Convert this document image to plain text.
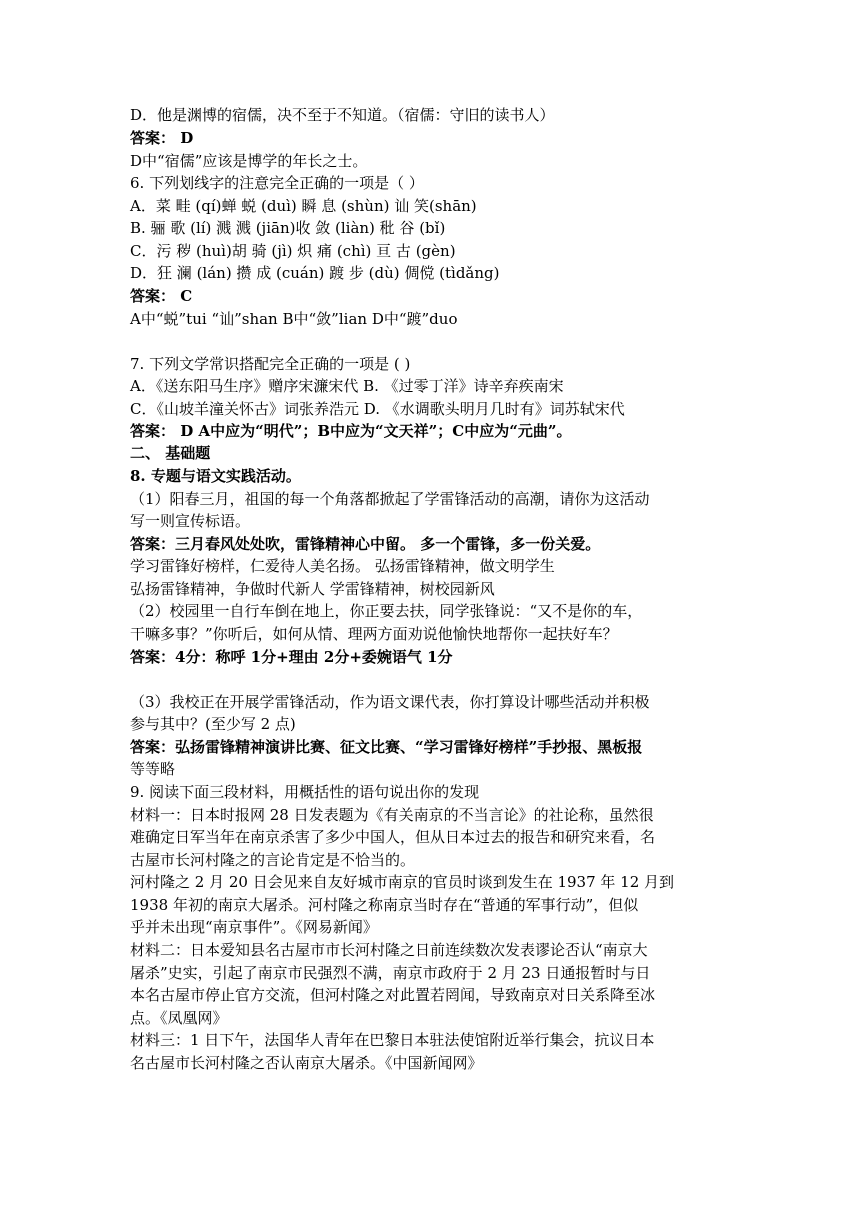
D．他是渊博的宿儒，决不至于不知道。（宿儒：守旧的读书人）
答案： D
D中“宿儒”应该是博学的年长之士。
6. 下列划线字的注意完全正确的一项是（ ）
A．菜 畦 (qí)蝉 蜕 (duì) 瞬 息 (shùn) 讪 笑(shān)
B. 骊 歌 (lí) 溅 溅 (jiān)收 敛 (liàn) 秕 谷 (bǐ)
C．污 秽 (huì)胡 骑 (jì) 炽 痛 (chì) 亘 古 (gèn)
D．狂 澜 (lán) 攒 成 (cuán) 踱 步 (dù) 倜傥 (tìdǎng)
答案： C
A中“蜕”tui “讪”shan B中“敛”lian D中“踱”duo
7. 下列文学常识搭配完全正确的一项是 ( )
A．《送东阳马生序》赠序宋濂宋代 B. 《过零丁洋》诗辛弃疾南宋
C．《山坡羊潼关怀古》词张养浩元 D. 《水调歌头明月几时有》词苏轼宋代
答案： D A中应为“明代”；B中应为“文天祥”；C中应为“元曲”。
二、 基础题
8. 专题与语文实践活动。
（1）阳春三月，祖国的每一个角落都掀起了学雷锋活动的高潮，请你为这活动
写一则宣传标语。
答案：三月春风处处吹，雷锋精神心中留。 多一个雷锋，多一份关爱。
学习雷锋好榜样，仁爱待人美名扬。 弘扬雷锋精神，做文明学生
弘扬雷锋精神，争做时代新人 学雷锋精神，树校园新风
（2）校园里一自行车倒在地上，你正要去扶，同学张锋说：“又不是你的车，
干嘛多事？”你听后，如何从情、理两方面劝说他愉快地帮你一起扶好车？
答案：4分：称呼 1分+理由 2分+委婉语气 1分
（3）我校正在开展学雷锋活动，作为语文课代表，你打算设计哪些活动并积极
参与其中？(至少写 2 点)
答案：弘扬雷锋精神演讲比赛、征文比赛、“学习雷锋好榜样”手抄报、黑板报
等等略
9. 阅读下面三段材料，用概括性的语句说出你的发现
材料一：日本时报网 28 日发表题为《有关南京的不当言论》的社论称，虽然很
难确定日军当年在南京杀害了多少中国人，但从日本过去的报告和研究来看，名
古屋市长河村隆之的言论肯定是不恰当的。
河村隆之 2 月 20 日会见来自友好城市南京的官员时谈到发生在 1937 年 12 月到
1938 年初的南京大屠杀。河村隆之称南京当时存在“普通的军事行动”，但似
乎并未出现“南京事件”。《网易新闻》
材料二：日本爱知县名古屋市市长河村隆之日前连续数次发表谬论否认“南京大
屠杀”史实，引起了南京市民强烈不满，南京市政府于 2 月 23 日通报暂时与日
本名古屋市停止官方交流，但河村隆之对此置若罔闻，导致南京对日关系降至冰
点。《凤凰网》
材料三：1 日下午，法国华人青年在巴黎日本驻法使馆附近举行集会，抗议日本
名古屋市长河村隆之否认南京大屠杀。《中国新闻网》
